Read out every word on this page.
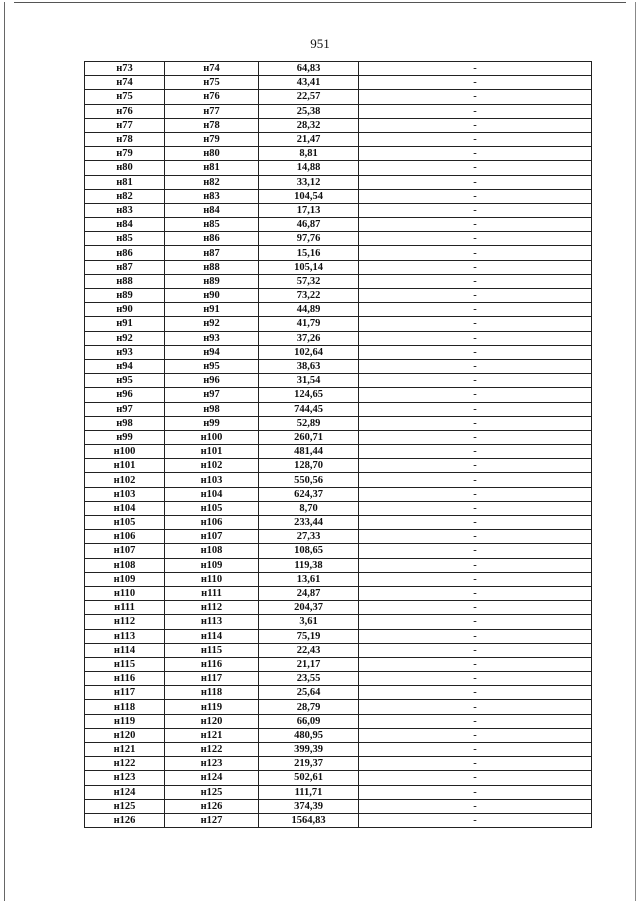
951
н73	н74	64,83	-
н74	н75	43,41	-
н75	н76	22,57	-
н76	н77	25,38	-
н77	н78	28,32	-
н78	н79	21,47	-
н79	н80	8,81	-
н80	н81	14,88	-
н81	н82	33,12	-
н82	н83	104,54	-
н83	н84	17,13	-
н84	н85	46,87	-
н85	н86	97,76	-
н86	н87	15,16	-
н87	н88	105,14	-
н88	н89	57,32	-
н89	н90	73,22	-
н90	н91	44,89	-
н91	н92	41,79	-
н92	н93	37,26	-
н93	н94	102,64	-
н94	н95	38,63	-
н95	н96	31,54	-
н96	н97	124,65	-
н97	н98	744,45	-
н98	н99	52,89	-
н99	н100	260,71	-
н100	н101	481,44	-
н101	н102	128,70	-
н102	н103	550,56	-
н103	н104	624,37	-
н104	н105	8,70	-
н105	н106	233,44	-
н106	н107	27,33	-
н107	н108	108,65	-
н108	н109	119,38	-
н109	н110	13,61	-
н110	н111	24,87	-
н111	н112	204,37	-
н112	н113	3,61	-
н113	н114	75,19	-
н114	н115	22,43	-
н115	н116	21,17	-
н116	н117	23,55	-
н117	н118	25,64	-
н118	н119	28,79	-
н119	н120	66,09	-
н120	н121	480,95	-
н121	н122	399,39	-
н122	н123	219,37	-
н123	н124	502,61	-
н124	н125	111,71	-
н125	н126	374,39	-
н126	н127	1564,83	-
